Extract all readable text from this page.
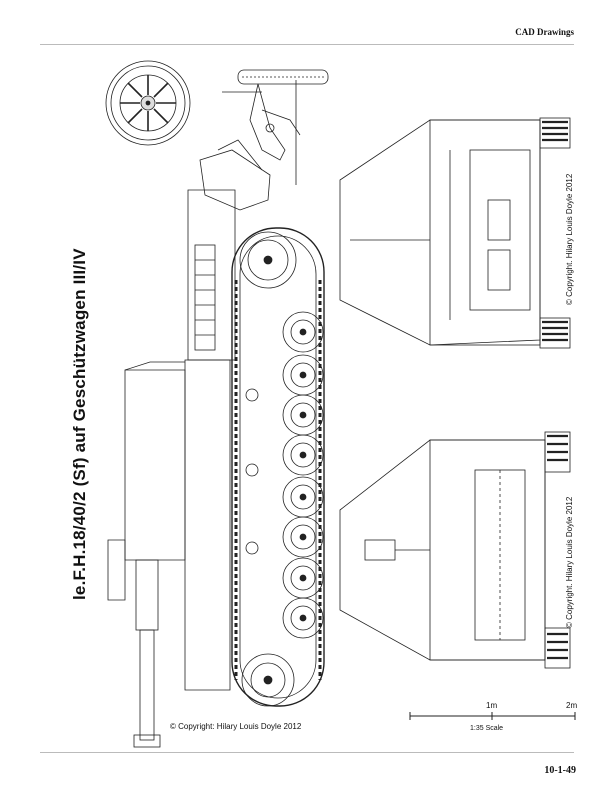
CAD Drawings
le.F.H.18/40/2 (Sf) auf Geschützwagen III/IV
© Copyright. Hilary Louis Doyle 2012
© Copyright. Hilary Louis Doyle 2012
© Copyright: Hilary Louis Doyle 2012
1m	2m
1:35 Scale
10-1-49
